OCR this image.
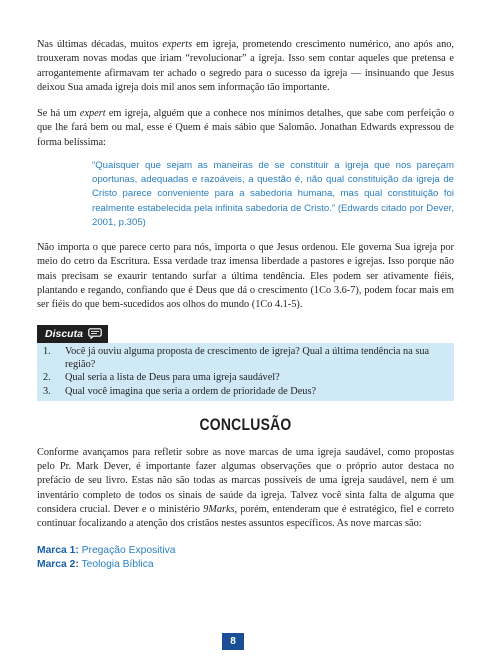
Nas últimas décadas, muitos experts em igreja, prometendo crescimento numérico, ano após ano, trouxeram novas modas que iriam “revolucionar” a igreja. Isso sem contar aqueles que pretensa e arrogantemente afirmavam ter achado o segredo para o sucesso da igreja — insinuando que Jesus deixou Sua amada igreja dois mil anos sem informação tão importante.

Se há um expert em igreja, alguém que a conhece nos mínimos detalhes, que sabe com perfeição o que lhe fará bem ou mal, esse é Quem é mais sábio que Salomão. Jonathan Edwards expressou de forma belíssima:

“Quaisquer que sejam as maneiras de se constituir a igreja que nos pareçam oportunas, adequadas e razoáveis, a questão é, não qual constituição da igreja de Cristo parece conveniente para a sabedoria humana, mas qual constituição foi realmente estabelecida pela infinita sabedoria de Cristo.” (Edwards citado por Dever, 2001, p.305)

Não importa o que parece certo para nós, importa o que Jesus ordenou. Ele governa Sua igreja por meio do cetro da Escritura. Essa verdade traz imensa liberdade a pastores e igrejas. Isso porque não mais precisam se exaurir tentando surfar a última tendência. Eles podem ser ativamente fiéis, plantando e regando, confiando que é Deus que dá o crescimento (1Co 3.6-7), podem focar mais em ser fiéis do que bem-sucedidos aos olhos do mundo (1Co 4.1-5).

Discuta
1.	Você já ouviu alguma proposta de crescimento de igreja? Qual a última tendência na sua região?
2.	Qual seria a lista de Deus para uma igreja saudável?
3.	Qual você imagina que seria a ordem de prioridade de Deus?
CONCLUSÃO

Conforme avançamos para refletir sobre as nove marcas de uma igreja saudável, como propostas pelo Pr. Mark Dever, é importante fazer algumas observações que o próprio autor destaca no prefácio de seu livro. Estas não são todas as marcas possíveis de uma igreja saudável, nem é um inventário completo de todos os sinais de saúde da igreja. Talvez você sinta falta de alguma que considera crucial. Dever e o ministério 9Marks, porém, entenderam que é estratégico, fiel e correto continuar focalizando a atenção dos cristãos nestes assuntos específicos. As nove marcas são:

Marca 1: Pregação Expositiva

Marca 2: Teologia Bíblica

8
